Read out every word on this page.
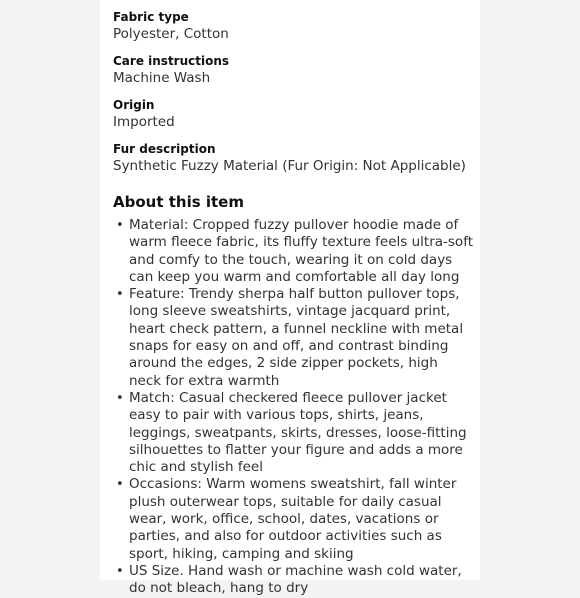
Fabric type
Polyester, Cotton
Care instructions
Machine Wash
Origin
Imported
Fur description
Synthetic Fuzzy Material (Fur Origin: Not Applicable)
About this item
• Material: Cropped fuzzy pullover hoodie made of warm fleece fabric, its fluffy texture feels ultra-soft and comfy to the touch, wearing it on cold days can keep you warm and comfortable all day long
• Feature: Trendy sherpa half button pullover tops, long sleeve sweatshirts, vintage jacquard print, heart check pattern, a funnel neckline with metal snaps for easy on and off, and contrast binding around the edges, 2 side zipper pockets, high neck for extra warmth
• Match: Casual checkered fleece pullover jacket easy to pair with various tops, shirts, jeans, leggings, sweatpants, skirts, dresses, loose-fitting silhouettes to flatter your figure and adds a more chic and stylish feel
• Occasions: Warm womens sweatshirt, fall winter plush outerwear tops, suitable for daily casual wear, work, office, school, dates, vacations or parties, and also for outdoor activities such as sport, hiking, camping and skiing
• US Size. Hand wash or machine wash cold water, do not bleach, hang to dry
